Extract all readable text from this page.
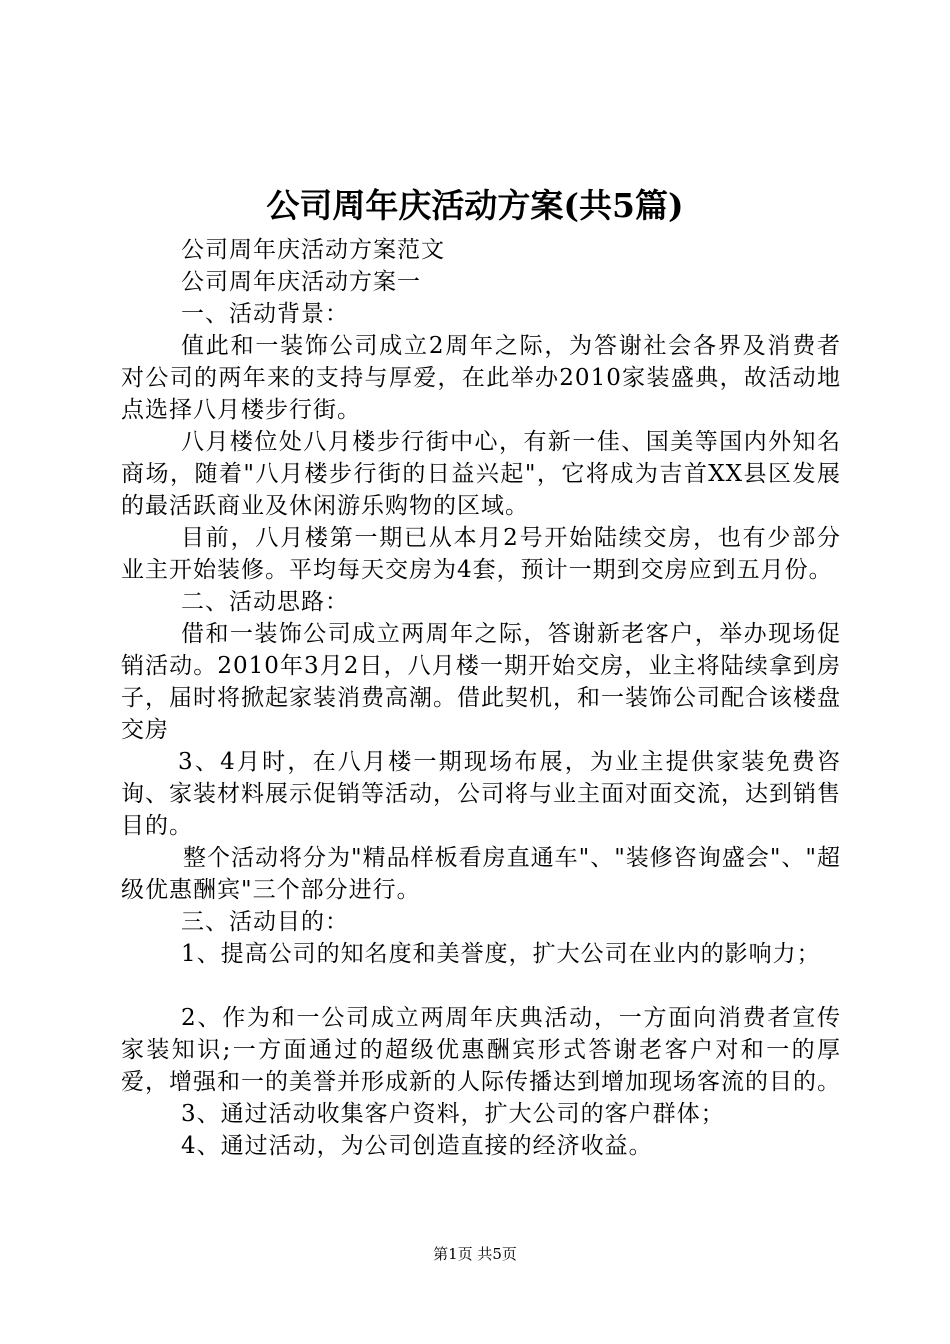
公司周年庆活动方案(共5篇)

公司周年庆活动方案范文

公司周年庆活动方案一

一、活动背景：

值此和一装饰公司成立2周年之际，为答谢社会各界及消费者对公司的两年来的支持与厚爱，在此举办2010家装盛典，故活动地点选择八月楼步行街。

八月楼位处八月楼步行街中心，有新一佳、国美等国内外知名商场，随着"八月楼步行街的日益兴起"，它将成为吉首XX县区发展的最活跃商业及休闲游乐购物的区域。

目前，八月楼第一期已从本月2号开始陆续交房，也有少部分业主开始装修。平均每天交房为4套，预计一期到交房应到五月份。

二、活动思路：

借和一装饰公司成立两周年之际，答谢新老客户，举办现场促销活动。2010年3月2日，八月楼一期开始交房，业主将陆续拿到房子，届时将掀起家装消费高潮。借此契机，和一装饰公司配合该楼盘交房

3、4月时，在八月楼一期现场布展，为业主提供家装免费咨询、家装材料展示促销等活动，公司将与业主面对面交流，达到销售目的。

整个活动将分为"精品样板看房直通车"、"装修咨询盛会"、"超级优惠酬宾"三个部分进行。

三、活动目的：

1、提高公司的知名度和美誉度，扩大公司在业内的影响力；

2、作为和一公司成立两周年庆典活动，一方面向消费者宣传家装知识;一方面通过的超级优惠酬宾形式答谢老客户对和一的厚爱，增强和一的美誉并形成新的人际传播达到增加现场客流的目的。

3、通过活动收集客户资料，扩大公司的客户群体；

4、通过活动，为公司创造直接的经济收益。

第1页 共5页
